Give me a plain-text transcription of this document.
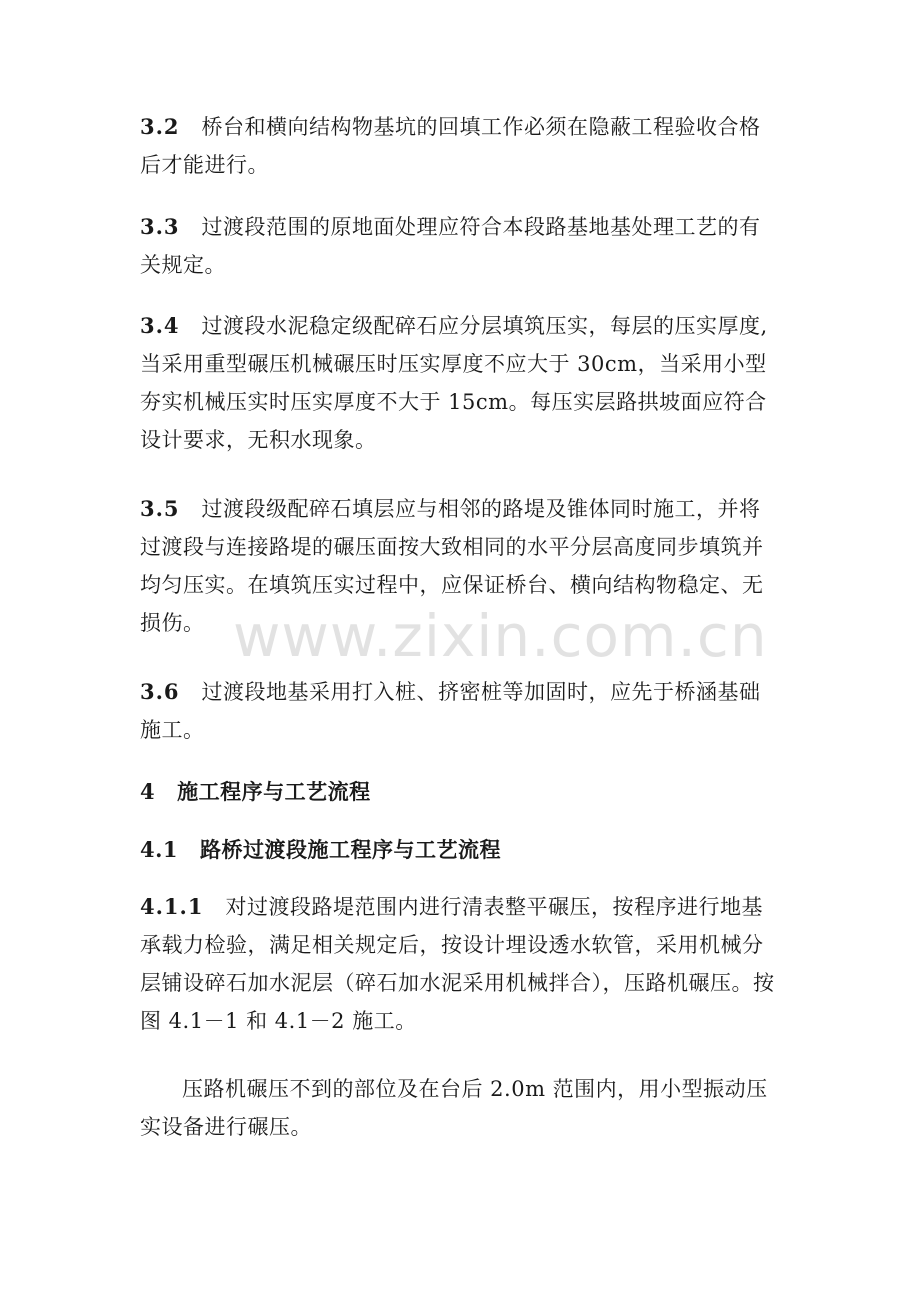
3.2 桥台和横向结构物基坑的回填工作必须在隐蔽工程验收合格后才能进行。

3.3 过渡段范围的原地面处理应符合本段路基地基处理工艺的有关规定。

3.4 过渡段水泥稳定级配碎石应分层填筑压实，每层的压实厚度,当采用重型碾压机械碾压时压实厚度不应大于 30cm，当采用小型夯实机械压实时压实厚度不大于 15cm。每压实层路拱坡面应符合设计要求，无积水现象。

3.5 过渡段级配碎石填层应与相邻的路堤及锥体同时施工，并将过渡段与连接路堤的碾压面按大致相同的水平分层高度同步填筑并均匀压实。在填筑压实过程中，应保证桥台、横向结构物稳定、无损伤。

3.6 过渡段地基采用打入桩、挤密桩等加固时，应先于桥涵基础施工。

4 施工程序与工艺流程

4.1 路桥过渡段施工程序与工艺流程

4.1.1 对过渡段路堤范围内进行清表整平碾压，按程序进行地基承载力检验，满足相关规定后，按设计埋设透水软管，采用机械分层铺设碎石加水泥层（碎石加水泥采用机械拌合），压路机碾压。按图 4.1－1 和 4.1－2 施工。

压路机碾压不到的部位及在台后 2.0m 范围内，用小型振动压实设备进行碾压。

www.zixin.com.cn
